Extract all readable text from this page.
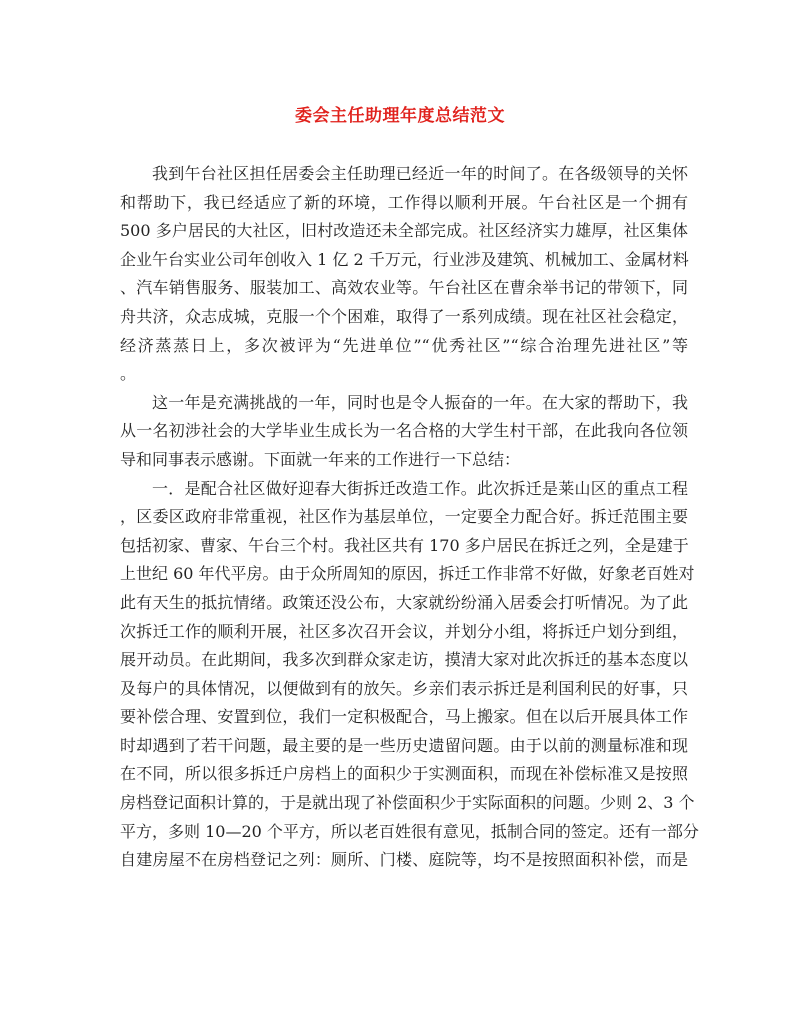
委会主任助理年度总结范文
我到午台社区担任居委会主任助理已经近一年的时间了。在各级领导的关怀
和帮助下，我已经适应了新的环境，工作得以顺利开展。午台社区是一个拥有
500 多户居民的大社区，旧村改造还未全部完成。社区经济实力雄厚，社区集体
企业午台实业公司年创收入 1 亿 2 千万元，行业涉及建筑、机械加工、金属材料
、汽车销售服务、服装加工、高效农业等。午台社区在曹余举书记的带领下，同
舟共济，众志成城，克服一个个困难，取得了一系列成绩。现在社区社会稳定，
经济蒸蒸日上，多次被评为“先进单位”“优秀社区”“综合治理先进社区”等
。
这一年是充满挑战的一年，同时也是令人振奋的一年。在大家的帮助下，我
从一名初涉社会的大学毕业生成长为一名合格的大学生村干部，在此我向各位领
导和同事表示感谢。下面就一年来的工作进行一下总结：
一．是配合社区做好迎春大街拆迁改造工作。此次拆迁是莱山区的重点工程
，区委区政府非常重视，社区作为基层单位，一定要全力配合好。拆迁范围主要
包括初家、曹家、午台三个村。我社区共有 170 多户居民在拆迁之列，全是建于
上世纪 60 年代平房。由于众所周知的原因，拆迁工作非常不好做，好象老百姓对
此有天生的抵抗情绪。政策还没公布，大家就纷纷涌入居委会打听情况。为了此
次拆迁工作的顺利开展，社区多次召开会议，并划分小组，将拆迁户划分到组，
展开动员。在此期间，我多次到群众家走访，摸清大家对此次拆迁的基本态度以
及每户的具体情况，以便做到有的放矢。乡亲们表示拆迁是利国利民的好事，只
要补偿合理、安置到位，我们一定积极配合，马上搬家。但在以后开展具体工作
时却遇到了若干问题，最主要的是一些历史遗留问题。由于以前的测量标准和现
在不同，所以很多拆迁户房档上的面积少于实测面积，而现在补偿标准又是按照
房档登记面积计算的，于是就出现了补偿面积少于实际面积的问题。少则 2、3 个
平方，多则 10—20 个平方，所以老百姓很有意见，抵制合同的签定。还有一部分
自建房屋不在房档登记之列：厕所、门楼、庭院等，均不是按照面积补偿，而是
